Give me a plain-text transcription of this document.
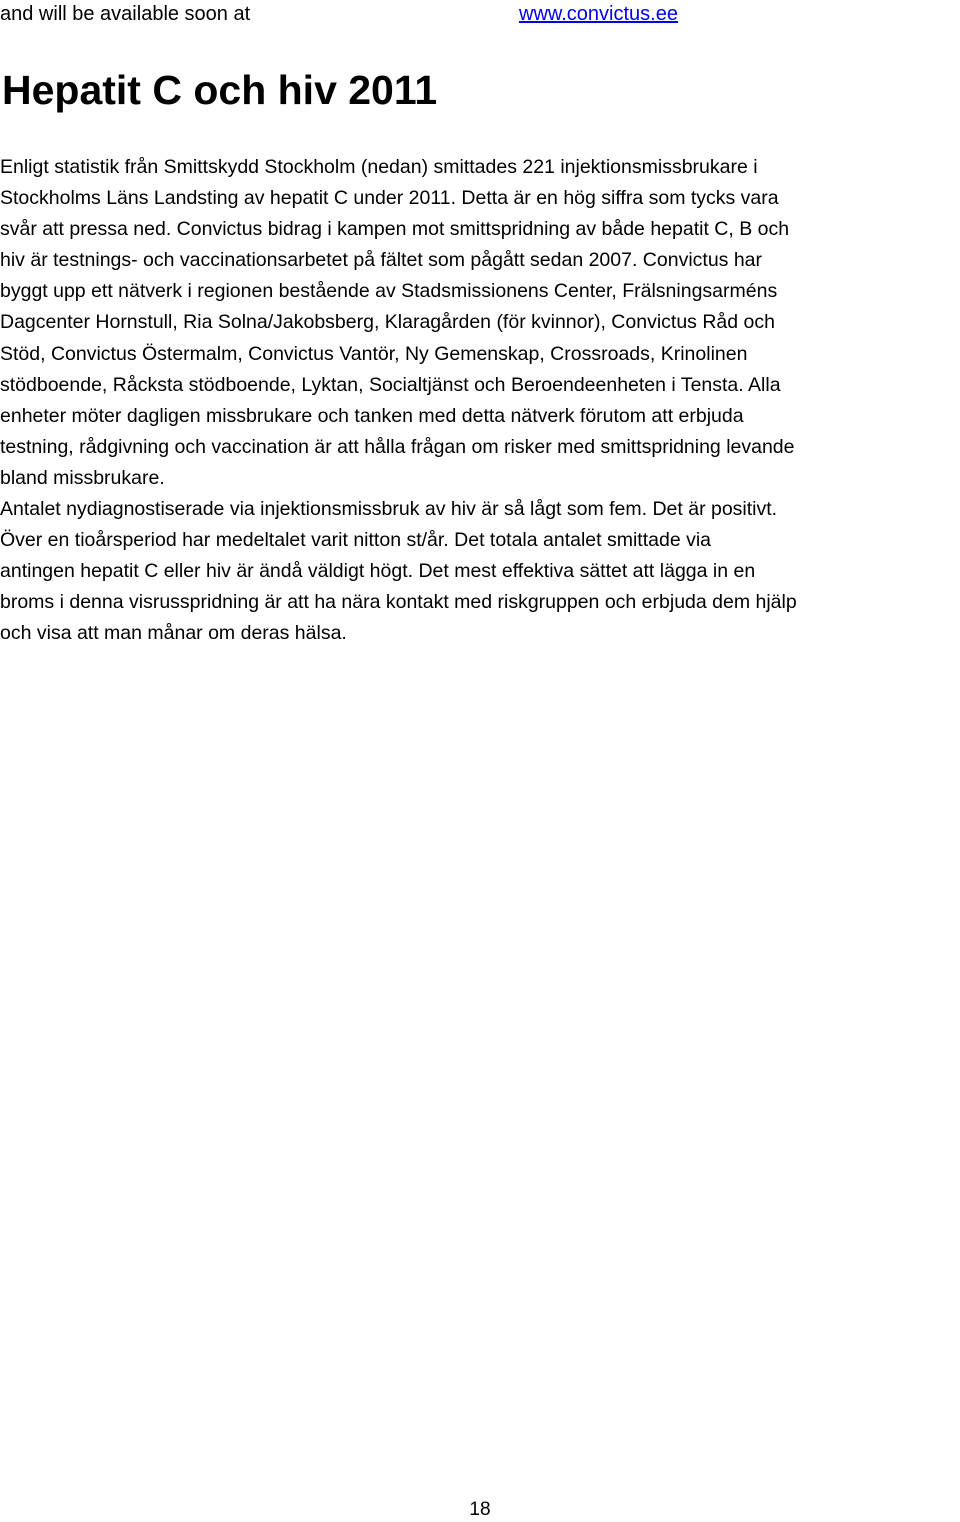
and will be available soon at	www.convictus.ee
Hepatit C och hiv 2011
Enligt statistik från Smittskydd Stockholm (nedan) smittades 221 injektionsmissbrukare i
Stockholms Läns Landsting av hepatit C under 2011. Detta är en hög siffra som tycks vara
svår att pressa ned. Convictus bidrag i kampen mot smittspridning av både hepatit C, B och
hiv är testnings- och vaccinationsarbetet på fältet som pågått sedan 2007. Convictus har
byggt upp ett nätverk i regionen bestående av Stadsmissionens Center, Frälsningsarméns
Dagcenter Hornstull, Ria Solna/Jakobsberg, Klaragården (för kvinnor), Convictus Råd och
Stöd, Convictus Östermalm, Convictus Vantör, Ny Gemenskap, Crossroads, Krinolinen
stödboende, Råcksta stödboende, Lyktan, Socialtjänst och Beroendeenheten i Tensta. Alla
enheter möter dagligen missbrukare och tanken med detta nätverk förutom att erbjuda
testning, rådgivning och vaccination är att hålla frågan om risker med smittspridning levande
bland missbrukare.
Antalet nydiagnostiserade via injektionsmissbruk av hiv är så lågt som fem. Det är positivt.
Över en tioårsperiod har medeltalet varit nitton st/år. Det totala antalet smittade via
antingen hepatit C eller hiv är ändå väldigt högt. Det mest effektiva sättet att lägga in en
broms i denna visrusspridning är att ha nära kontakt med riskgruppen och erbjuda dem hjälp
och visa att man månar om deras hälsa.
18
